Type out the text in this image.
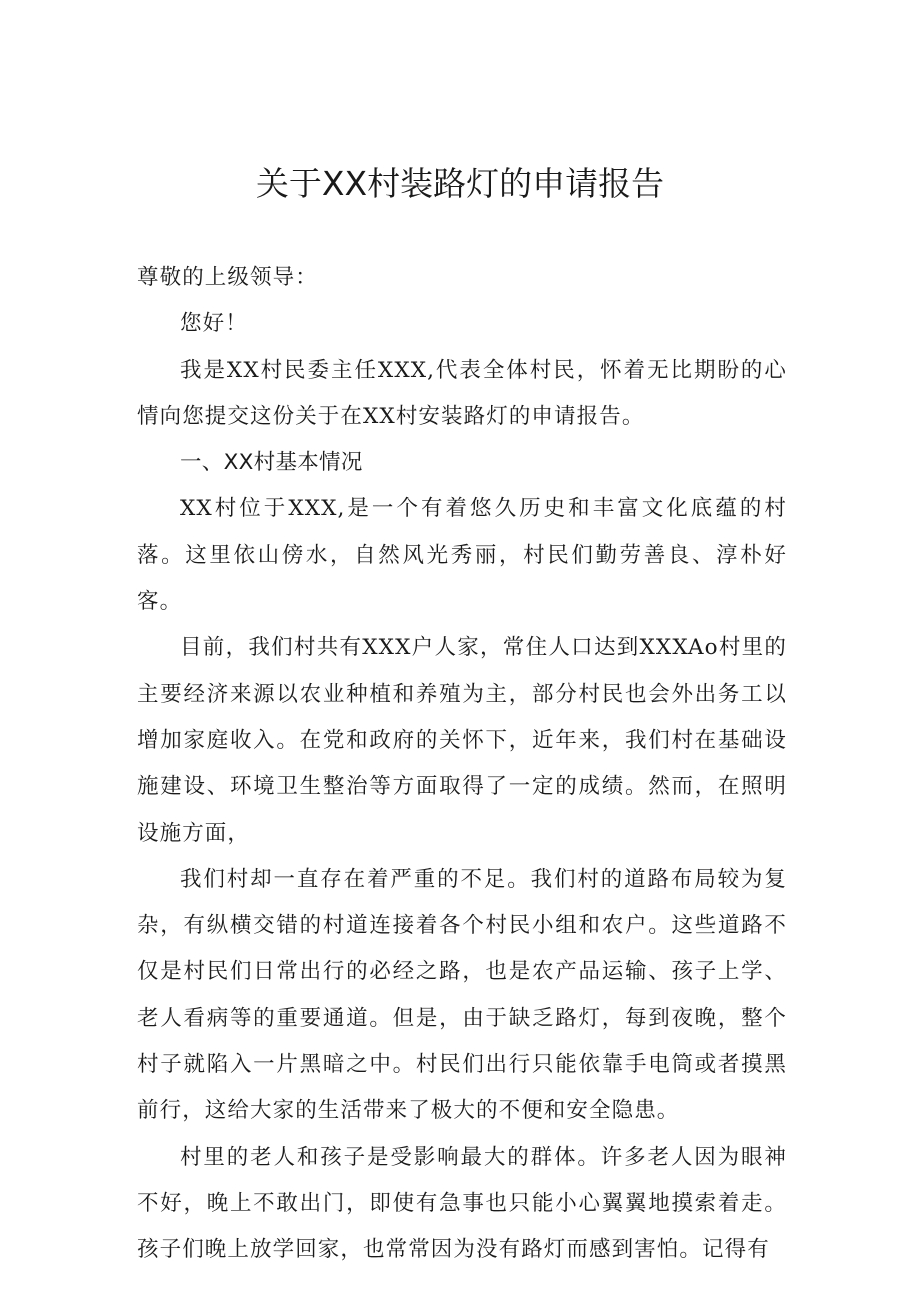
关于XX村装路灯的申请报告

尊敬的上级领导：

您好！

我是XX村民委主任XXX,代表全体村民，怀着无比期盼的心情向您提交这份关于在XX村安装路灯的申请报告。

一、XX村基本情况

XX村位于XXX,是一个有着悠久历史和丰富文化底蕴的村落。这里依山傍水，自然风光秀丽，村民们勤劳善良、淳朴好客。

目前，我们村共有XXX户人家，常住人口达到XXXAo村里的主要经济来源以农业种植和养殖为主，部分村民也会外出务工以增加家庭收入。在党和政府的关怀下，近年来，我们村在基础设施建设、环境卫生整治等方面取得了一定的成绩。然而，在照明设施方面，

我们村却一直存在着严重的不足。我们村的道路布局较为复杂，有纵横交错的村道连接着各个村民小组和农户。这些道路不仅是村民们日常出行的必经之路，也是农产品运输、孩子上学、老人看病等的重要通道。但是，由于缺乏路灯，每到夜晚，整个村子就陷入一片黑暗之中。村民们出行只能依靠手电筒或者摸黑前行，这给大家的生活带来了极大的不便和安全隐患。

村里的老人和孩子是受影响最大的群体。许多老人因为眼神不好，晚上不敢出门，即使有急事也只能小心翼翼地摸索着走。孩子们晚上放学回家，也常常因为没有路灯而感到害怕。记得有
